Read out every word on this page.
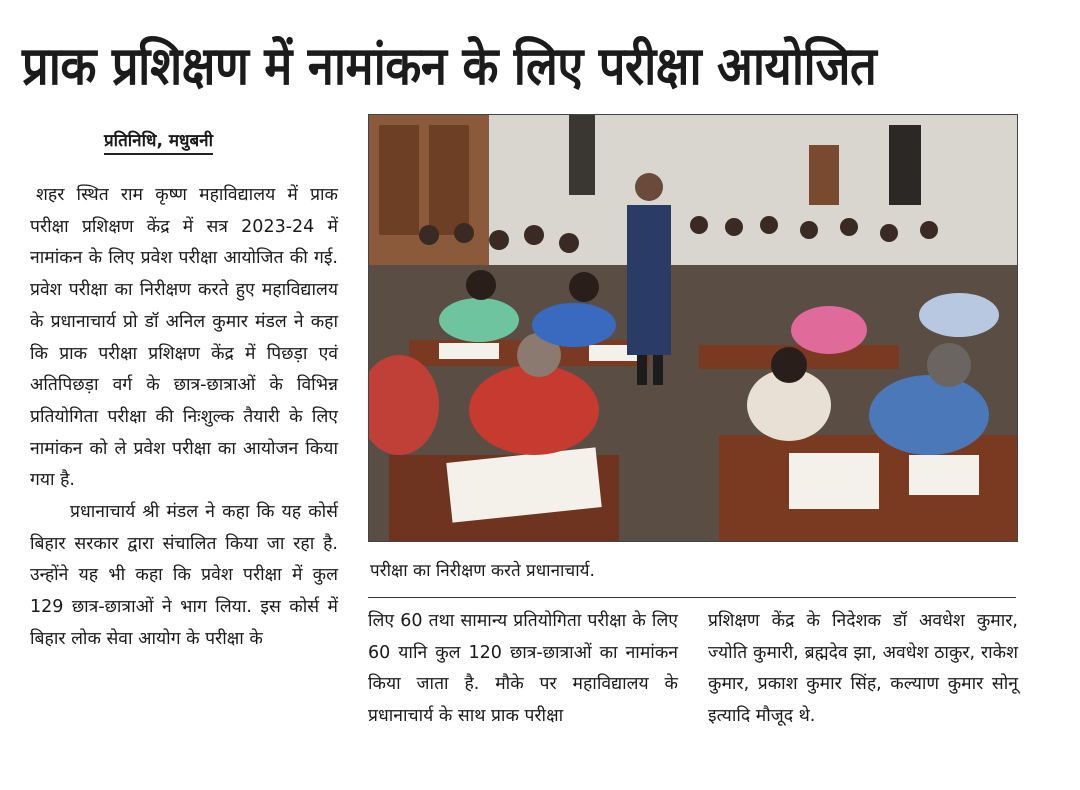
प्राक प्रशिक्षण में नामांकन के लिए परीक्षा आयोजित
प्रतिनिधि, मधुबनी

शहर स्थित राम कृष्ण महाविद्यालय में प्राक परीक्षा प्रशिक्षण केंद्र में सत्र 2023-24 में नामांकन के लिए प्रवेश परीक्षा आयोजित की गई. प्रवेश परीक्षा का निरीक्षण करते हुए महाविद्यालय के प्रधानाचार्य प्रो डॉ अनिल कुमार मंडल ने कहा कि प्राक परीक्षा प्रशिक्षण केंद्र में पिछड़ा एवं अतिपिछड़ा वर्ग के छात्र-छात्राओं के विभिन्न प्रतियोगिता परीक्षा की निःशुल्क तैयारी के लिए नामांकन को ले प्रवेश परीक्षा का आयोजन किया गया है.

प्रधानाचार्य श्री मंडल ने कहा कि यह कोर्स बिहार सरकार द्वारा संचालित किया जा रहा है. उन्होंने यह भी कहा कि प्रवेश परीक्षा में कुल 129 छात्र-छात्राओं ने भाग लिया. इस कोर्स में बिहार लोक सेवा आयोग के परीक्षा के

परीक्षा का निरीक्षण करते प्रधानाचार्य.

लिए 60 तथा सामान्य प्रतियोगिता परीक्षा के लिए 60 यानि कुल 120 छात्र-छात्राओं का नामांकन किया जाता है. मौके पर महाविद्यालय के प्रधानाचार्य के साथ प्राक परीक्षा

प्रशिक्षण केंद्र के निदेशक डॉ अवधेश कुमार, ज्योति कुमारी, ब्रह्मदेव झा, अवधेश ठाकुर, राकेश कुमार, प्रकाश कुमार सिंह, कल्याण कुमार सोनू इत्यादि मौजूद थे.
